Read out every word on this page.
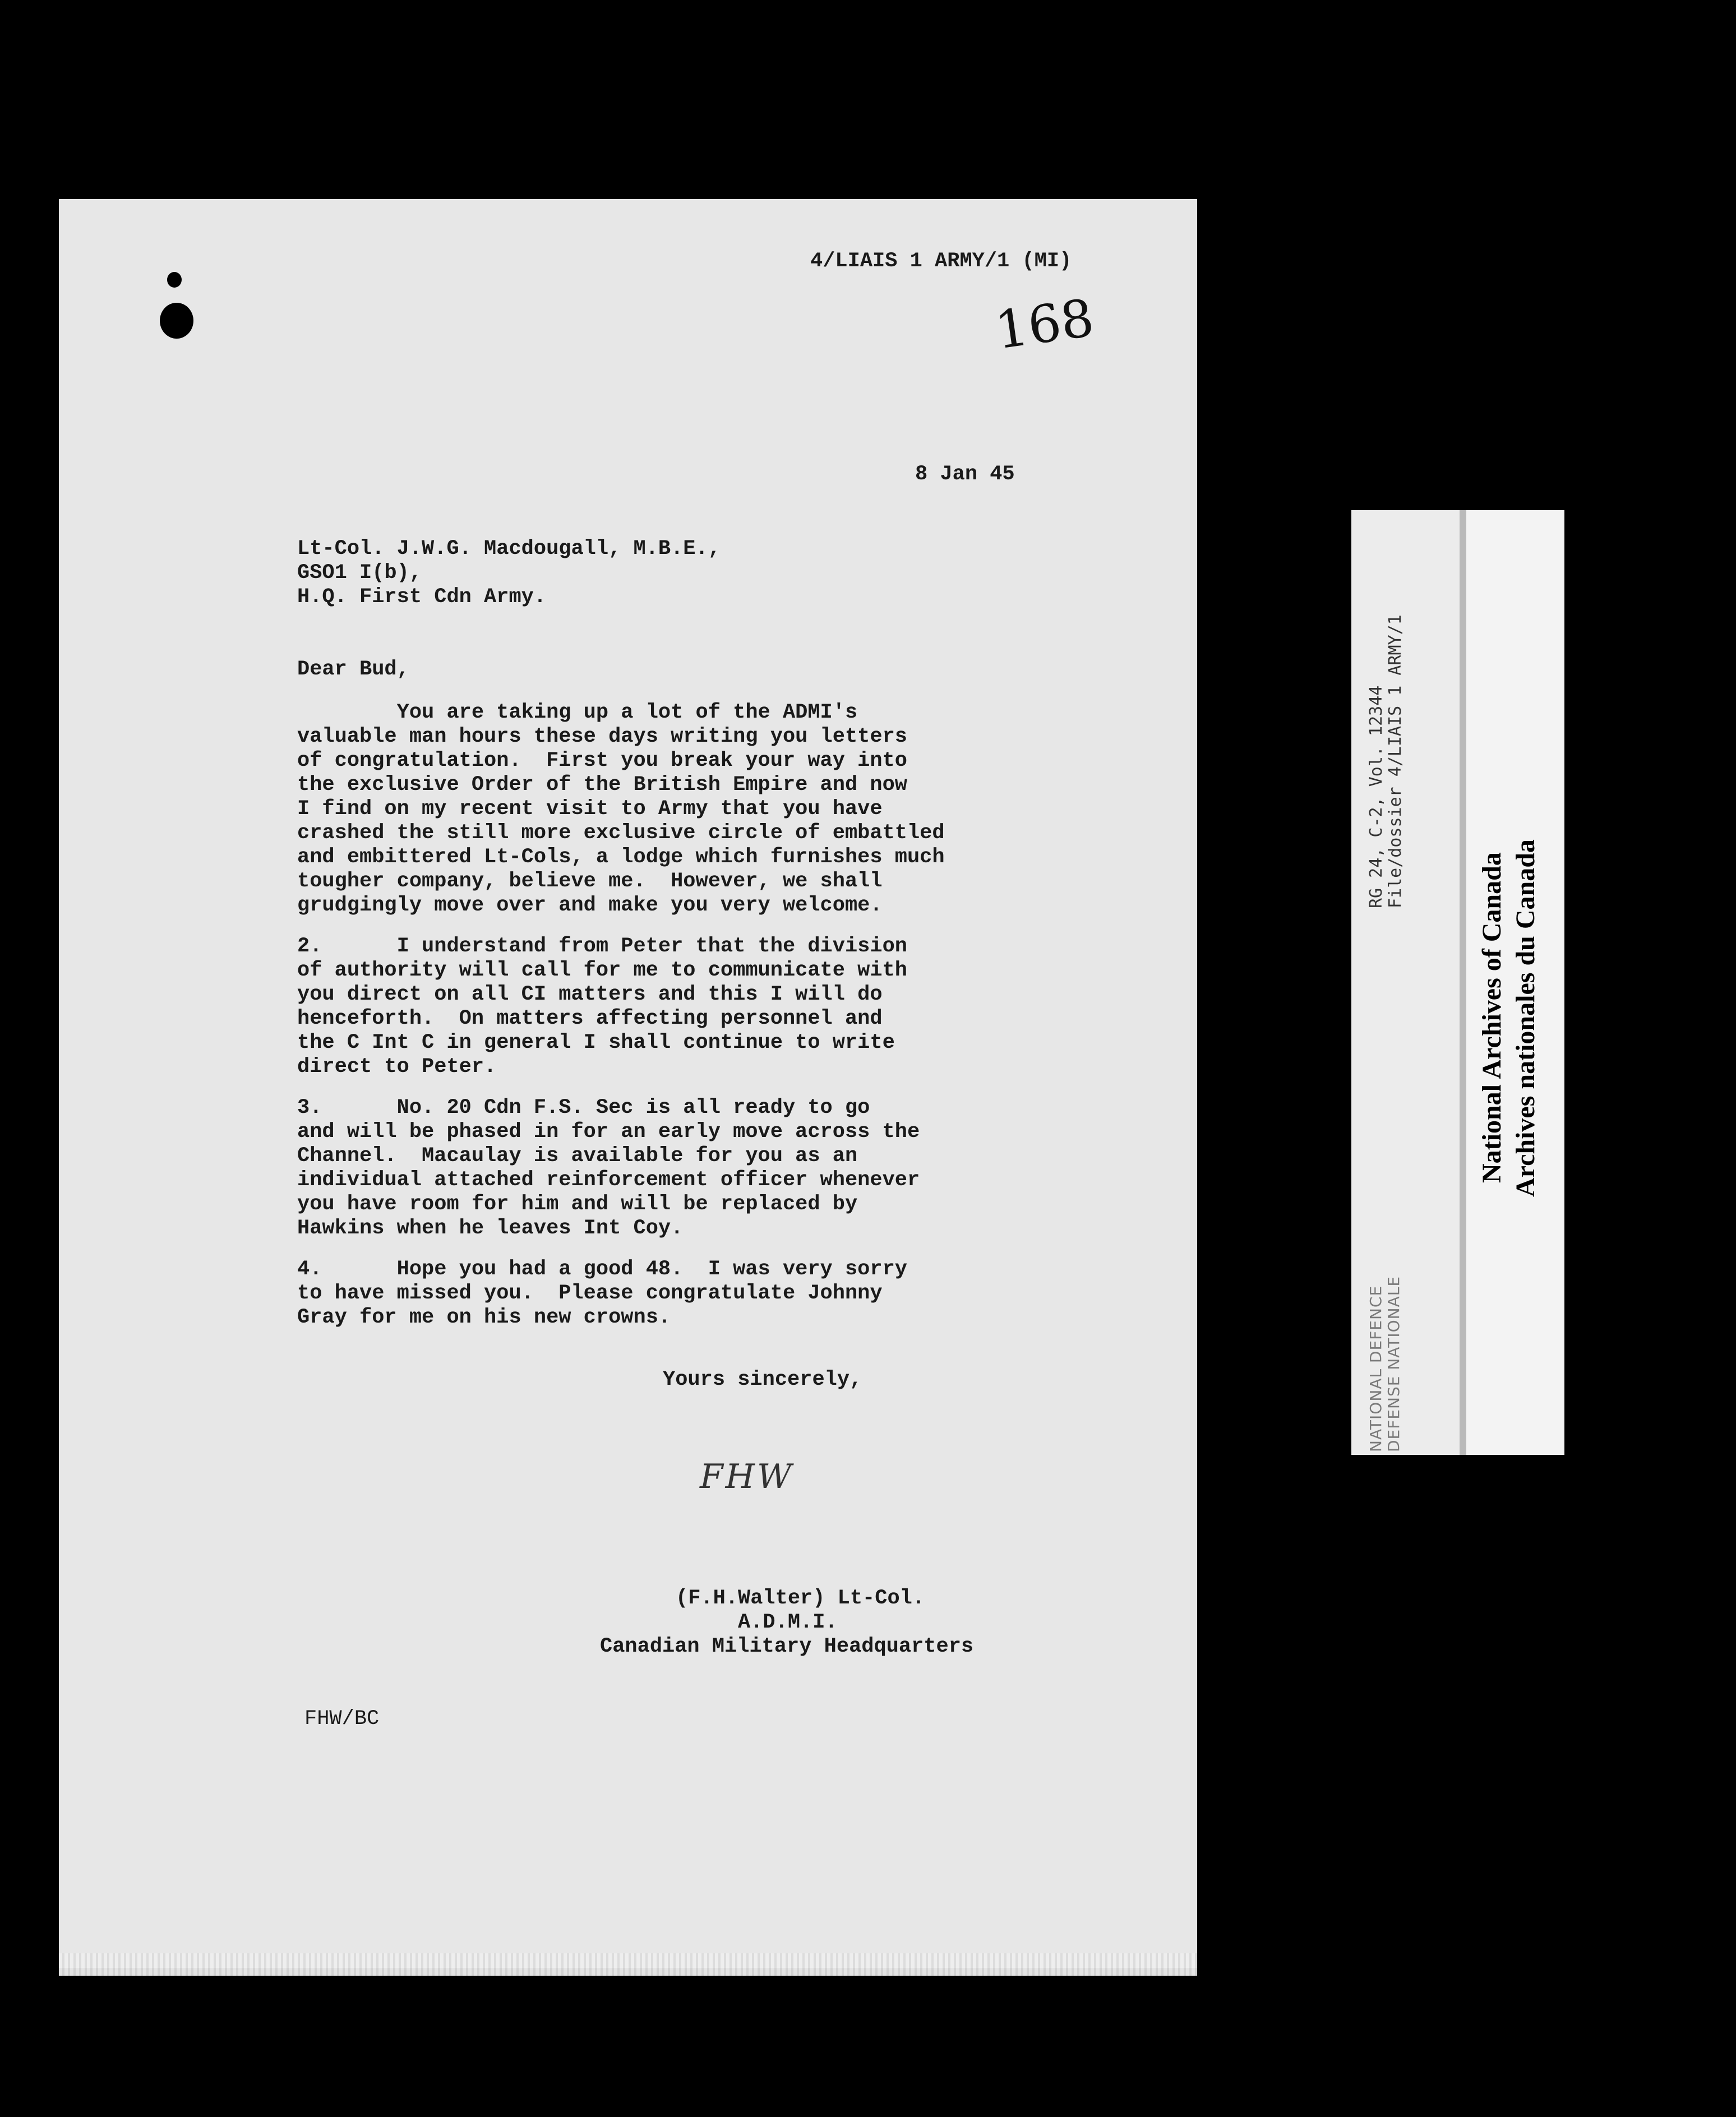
4/LIAIS 1 ARMY/1 (MI)
168
8 Jan 45
Lt-Col. J.W.G. Macdougall, M.B.E.,
GSO1 I(b),
H.Q. First Cdn Army.
Dear Bud,
You are taking up a lot of the ADMI's
valuable man hours these days writing you letters
of congratulation.  First you break your way into
the exclusive Order of the British Empire and now
I find on my recent visit to Army that you have
crashed the still more exclusive circle of embattled
and embittered Lt-Cols, a lodge which furnishes much
tougher company, believe me.  However, we shall
grudgingly move over and make you very welcome.
2.      I understand from Peter that the division
of authority will call for me to communicate with
you direct on all CI matters and this I will do
henceforth.  On matters affecting personnel and
the C Int C in general I shall continue to write
direct to Peter.
3.      No. 20 Cdn F.S. Sec is all ready to go
and will be phased in for an early move across the
Channel.  Macaulay is available for you as an
individual attached reinforcement officer whenever
you have room for him and will be replaced by
Hawkins when he leaves Int Coy.
4.      Hope you had a good 48.  I was very sorry
to have missed you.  Please congratulate Johnny
Gray for me on his new crowns.
Yours sincerely,
FHW
(F.H.Walter) Lt-Col.
A.D.M.I.
Canadian Military Headquarters
FHW/BC
NATIONAL DEFENCE DEFENSE NATIONALE
RG 24, C-2, Vol. 12344 File/dossier 4/LIAIS 1 ARMY/1
National Archives of Canada Archives nationales du Canada
